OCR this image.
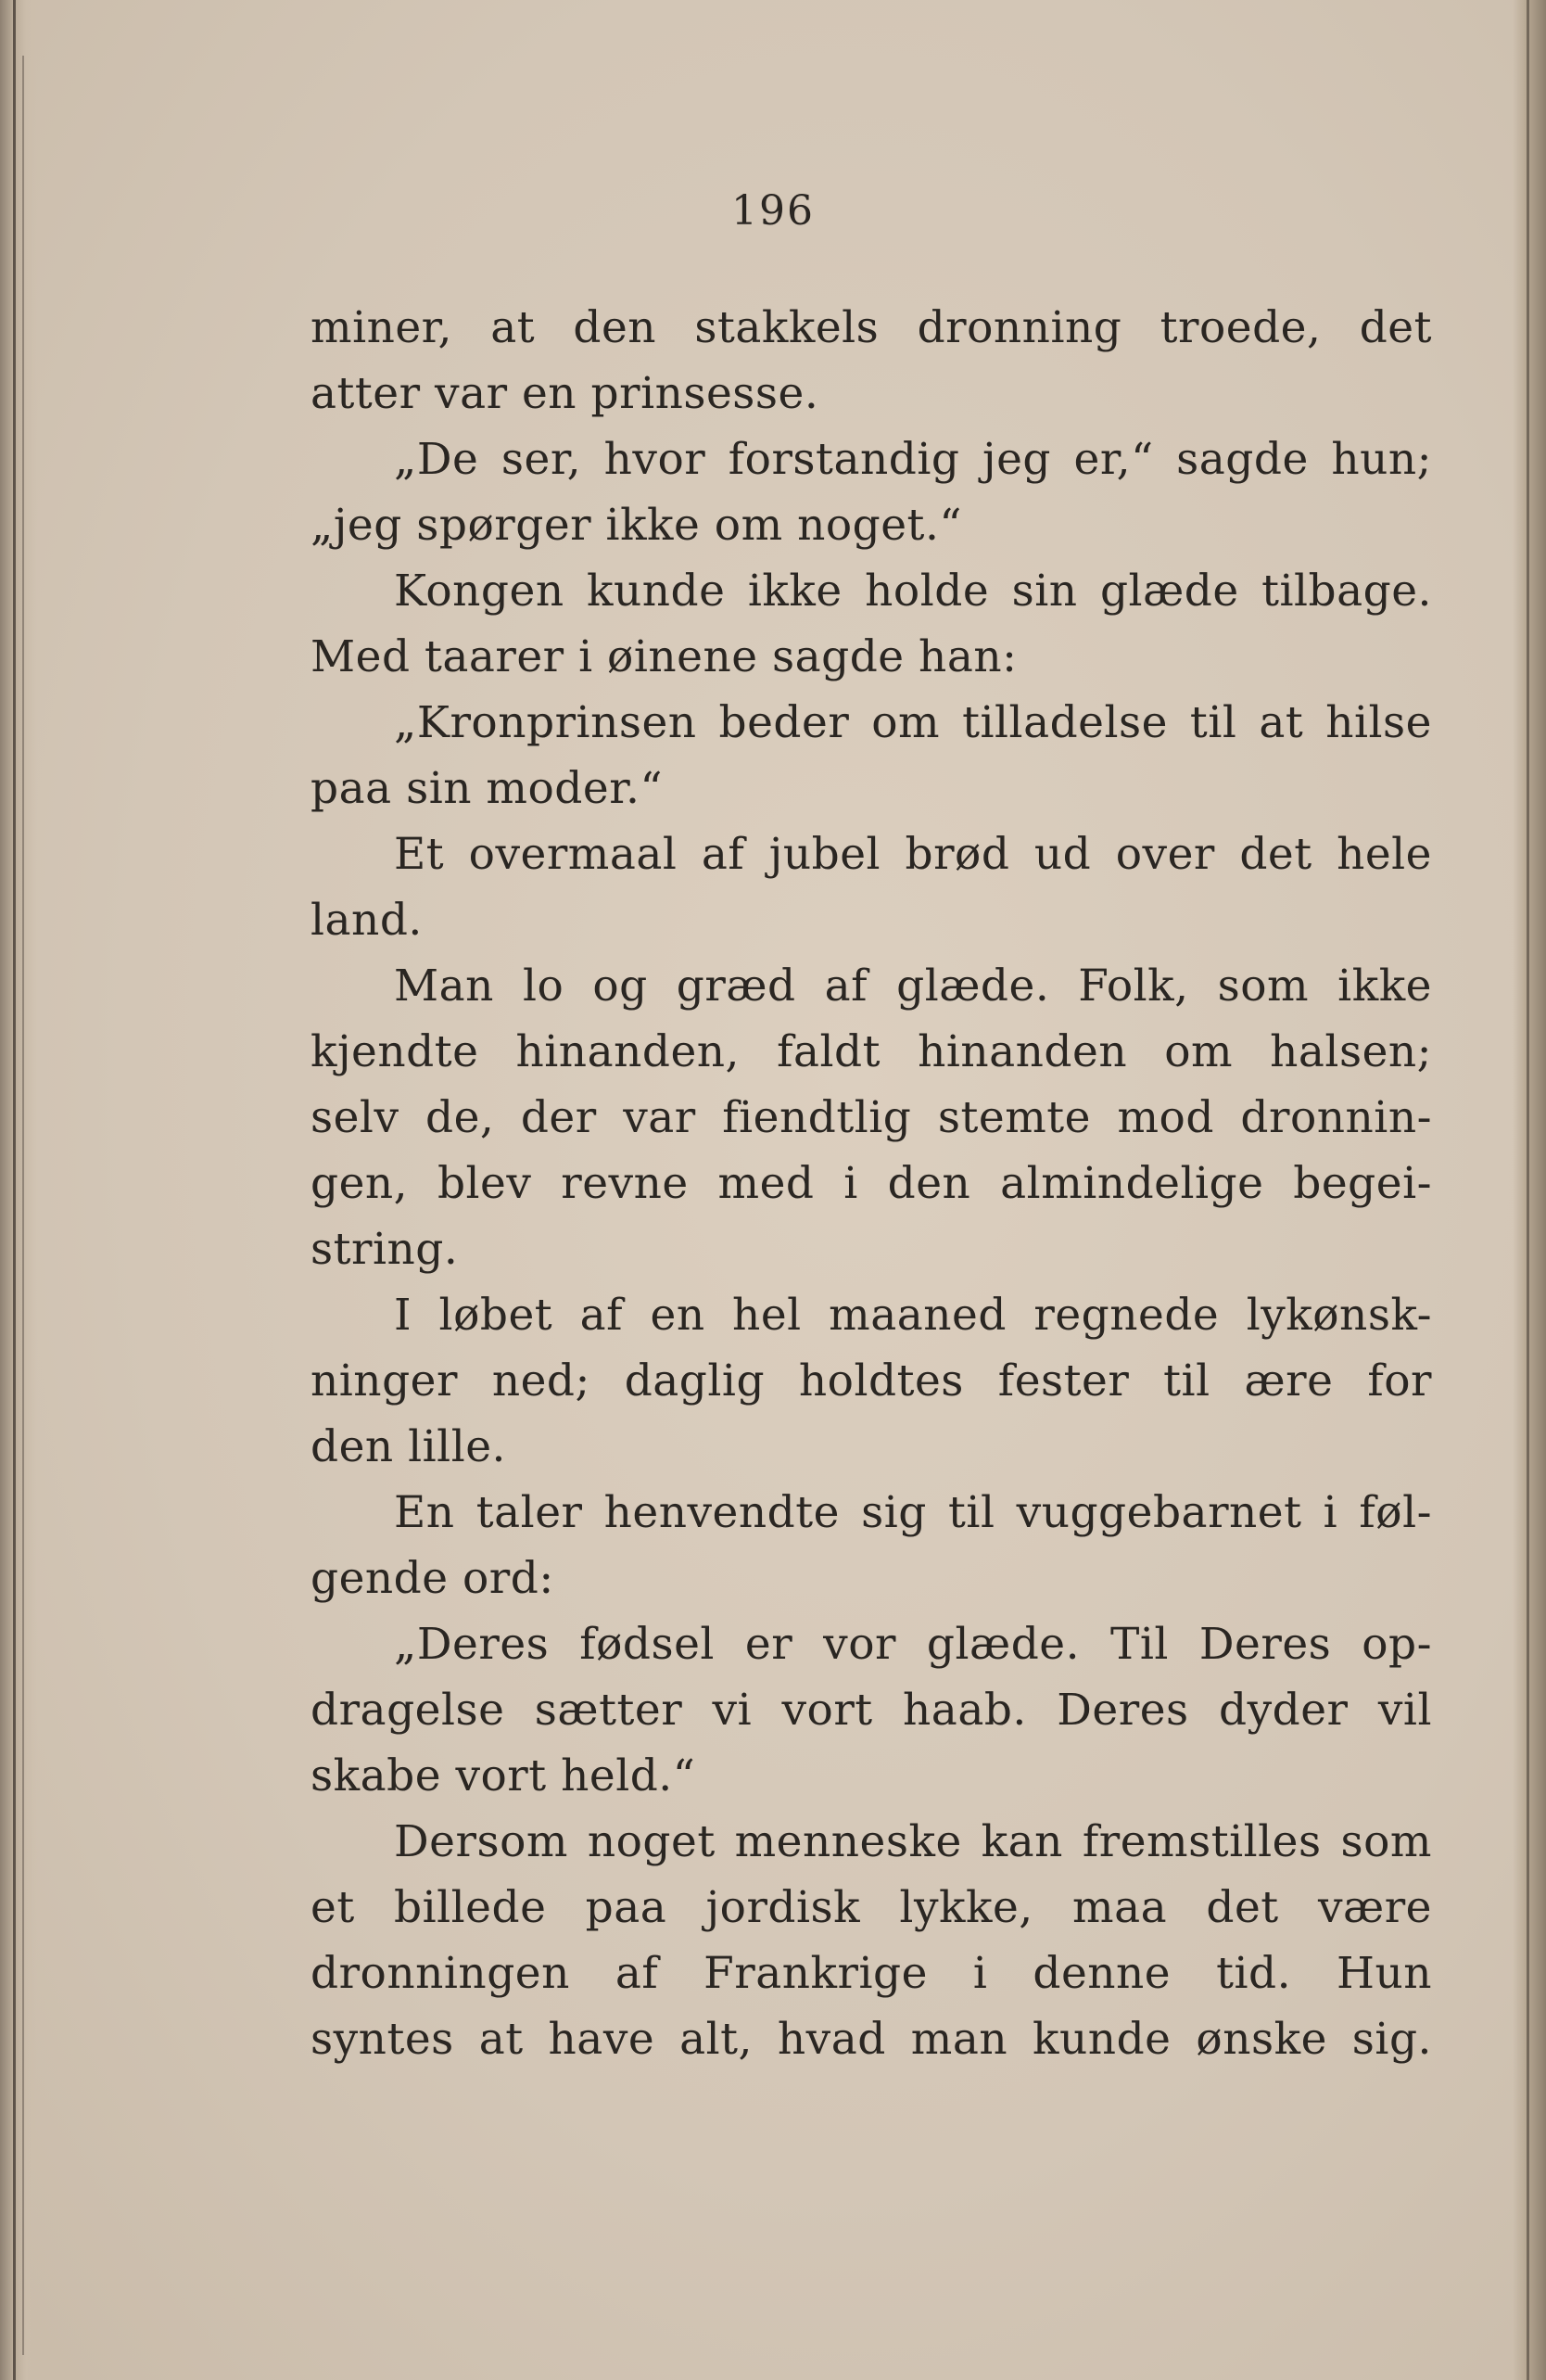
196
miner, at den stakkels dronning troede, det
atter var en prinsesse.
„De ser, hvor forstandig jeg er,“ sagde hun;
„jeg spørger ikke om noget.“
Kongen kunde ikke holde sin glæde tilbage.
Med taarer i øinene sagde han:
„Kronprinsen beder om tilladelse til at hilse
paa sin moder.“
Et overmaal af jubel brød ud over det hele
land.
Man lo og græd af glæde. Folk, som ikke
kjendte hinanden, faldt hinanden om halsen;
selv de, der var fiendtlig stemte mod dronnin-
gen, blev revne med i den almindelige begei-
string.
I løbet af en hel maaned regnede lykønsk-
ninger ned; daglig holdtes fester til ære for
den lille.
En taler henvendte sig til vuggebarnet i føl-
gende ord:
„Deres fødsel er vor glæde. Til Deres op-
dragelse sætter vi vort haab. Deres dyder vil
skabe vort held.“
Dersom noget menneske kan fremstilles som
et billede paa jordisk lykke, maa det være
dronningen af Frankrige i denne tid. Hun
syntes at have alt, hvad man kunde ønske sig.
